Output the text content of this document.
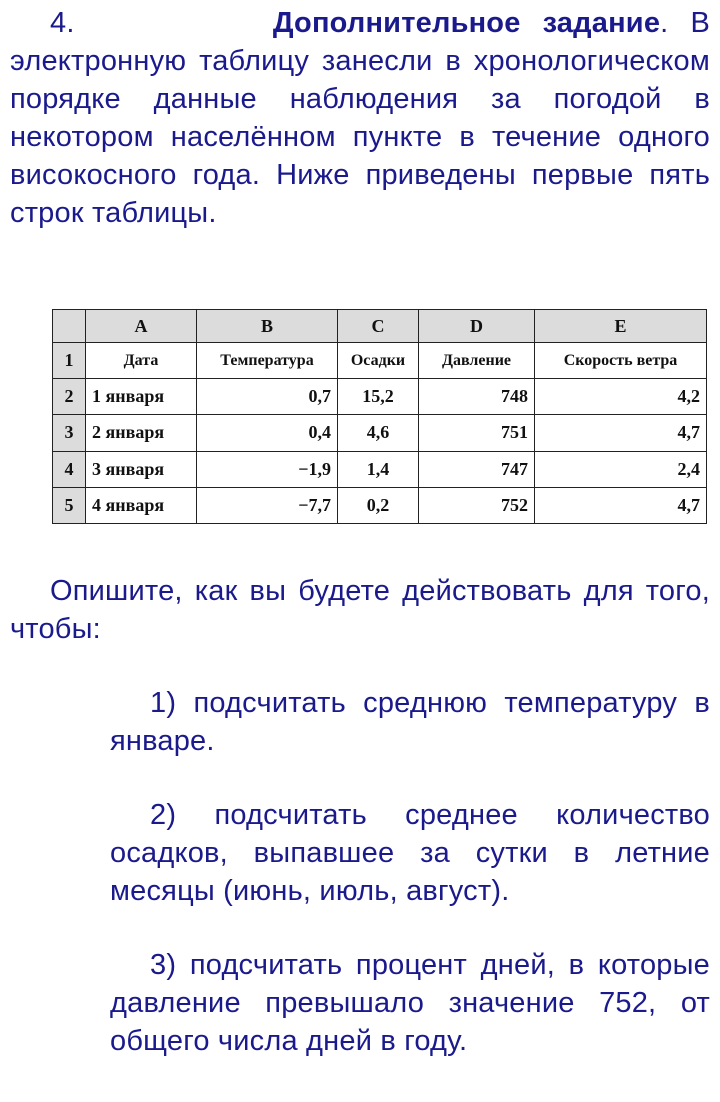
4.	Дополнительное задание. В электронную таблицу занесли в хронологическом порядке данные наблюдения за погодой в некотором населённом пункте в течение одного високосного года. Ниже приведены первые пять строк таблицы.
	A	B	C	D	E
1	Дата	Температура	Осадки	Давление	Скорость ветра
2	1 января	0,7	15,2	748	4,2
3	2 января	0,4	4,6	751	4,7
4	3 января	−1,9	1,4	747	2,4
5	4 января	−7,7	0,2	752	4,7
Опишите, как вы будете действовать для того, чтобы:
1) подсчитать среднюю температуру в январе.
2) подсчитать среднее количество осадков, выпавшее за сутки в летние месяцы (июнь, июль, август).
3) подсчитать процент дней, в которые давление превышало значение 752, от общего числа дней в году.
